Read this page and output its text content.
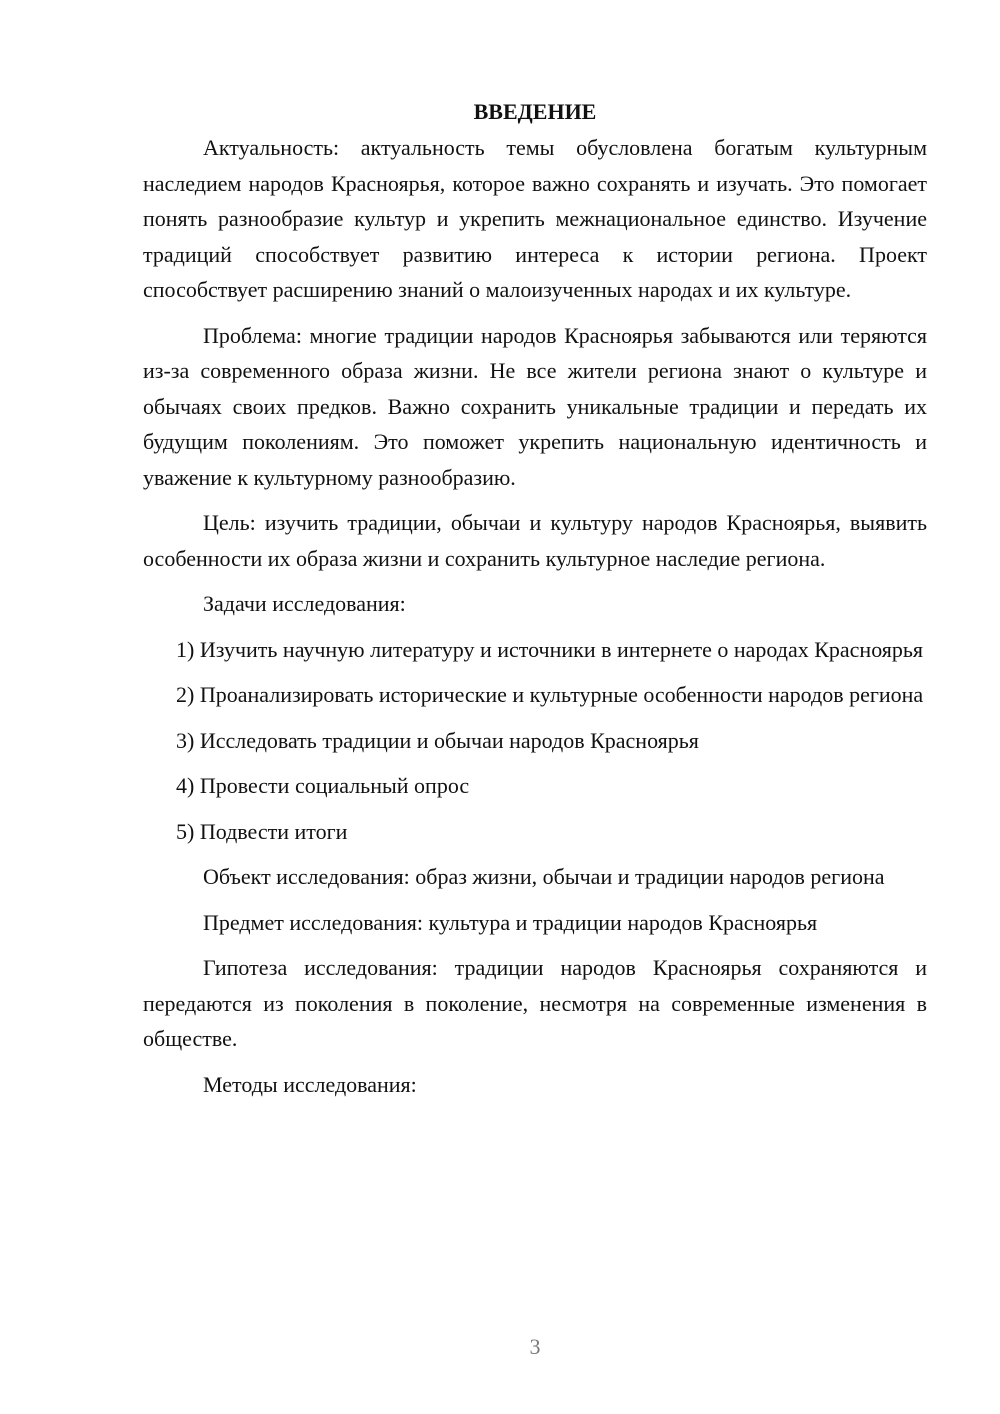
ВВЕДЕНИЕ

Актуальность: актуальность темы обусловлена богатым культурным наследием народов Красноярья, которое важно сохранять и изучать. Это помогает понять разнообразие культур и укрепить межнациональное единство. Изучение традиций способствует развитию интереса к истории региона. Проект способствует расширению знаний о малоизученных народах и их культуре.

Проблема: многие традиции народов Красноярья забываются или теряются из-за современного образа жизни. Не все жители региона знают о культуре и обычаях своих предков. Важно сохранить уникальные традиции и передать их будущим поколениям. Это поможет укрепить национальную идентичность и уважение к культурному разнообразию.

Цель: изучить традиции, обычаи и культуру народов Красноярья, выявить особенности их образа жизни и сохранить культурное наследие региона.

Задачи исследования:

1) Изучить научную литературу и источники в интернете о народах Красноярья

2) Проанализировать исторические и культурные особенности народов региона

3) Исследовать традиции и обычаи народов Красноярья

4) Провести социальный опрос

5) Подвести итоги

Объект исследования: образ жизни, обычаи и традиции народов региона

Предмет исследования: культура и традиции народов Красноярья

Гипотеза исследования: традиции народов Красноярья сохраняются и передаются из поколения в поколение, несмотря на современные изменения в обществе.

Методы исследования:

3
